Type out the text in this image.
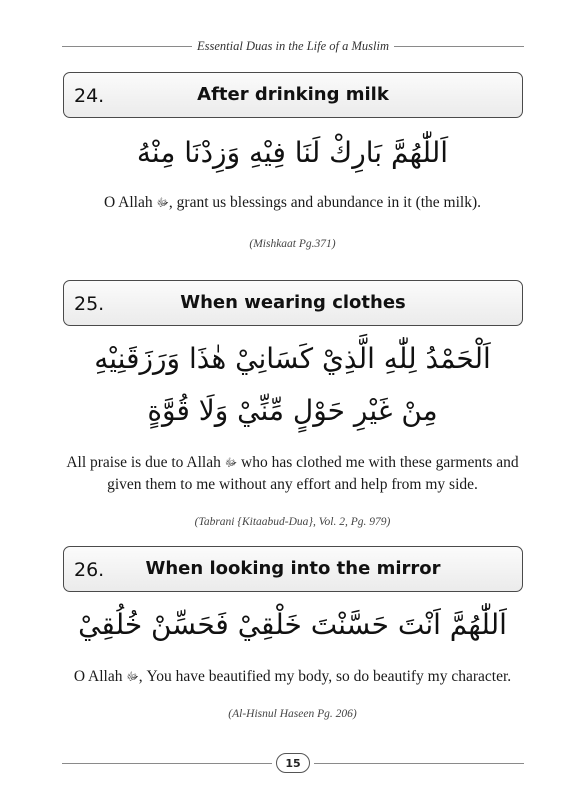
Essential Duas in the Life of a Muslim
24.	After drinking milk
اَللّٰهُمَّ بَارِكْ لَنَا فِيْهِ وَزِدْنَا مِنْهُ
O Allah ﷻ, grant us blessings and abundance in it (the milk).
(Mishkaat Pg.371)
25.	When wearing clothes
اَلْحَمْدُ لِلّٰهِ الَّذِيْ كَسَانِيْ هٰذَا وَرَزَقَنِيْهِ
مِنْ غَيْرِ حَوْلٍ مِّنِّيْ وَلَا قُوَّةٍ
All praise is due to Allah ﷻ who has clothed me with these garments and given them to me without any effort and help from my side.
(Tabrani {Kitaabud-Dua}, Vol. 2, Pg. 979)
26.	When looking into the mirror
اَللّٰهُمَّ اَنْتَ حَسَّنْتَ خَلْقِيْ فَحَسِّنْ خُلُقِيْ
O Allah ﷻ, You have beautified my body, so do beautify my character.
(Al-Hisnul Haseen Pg. 206)
15
